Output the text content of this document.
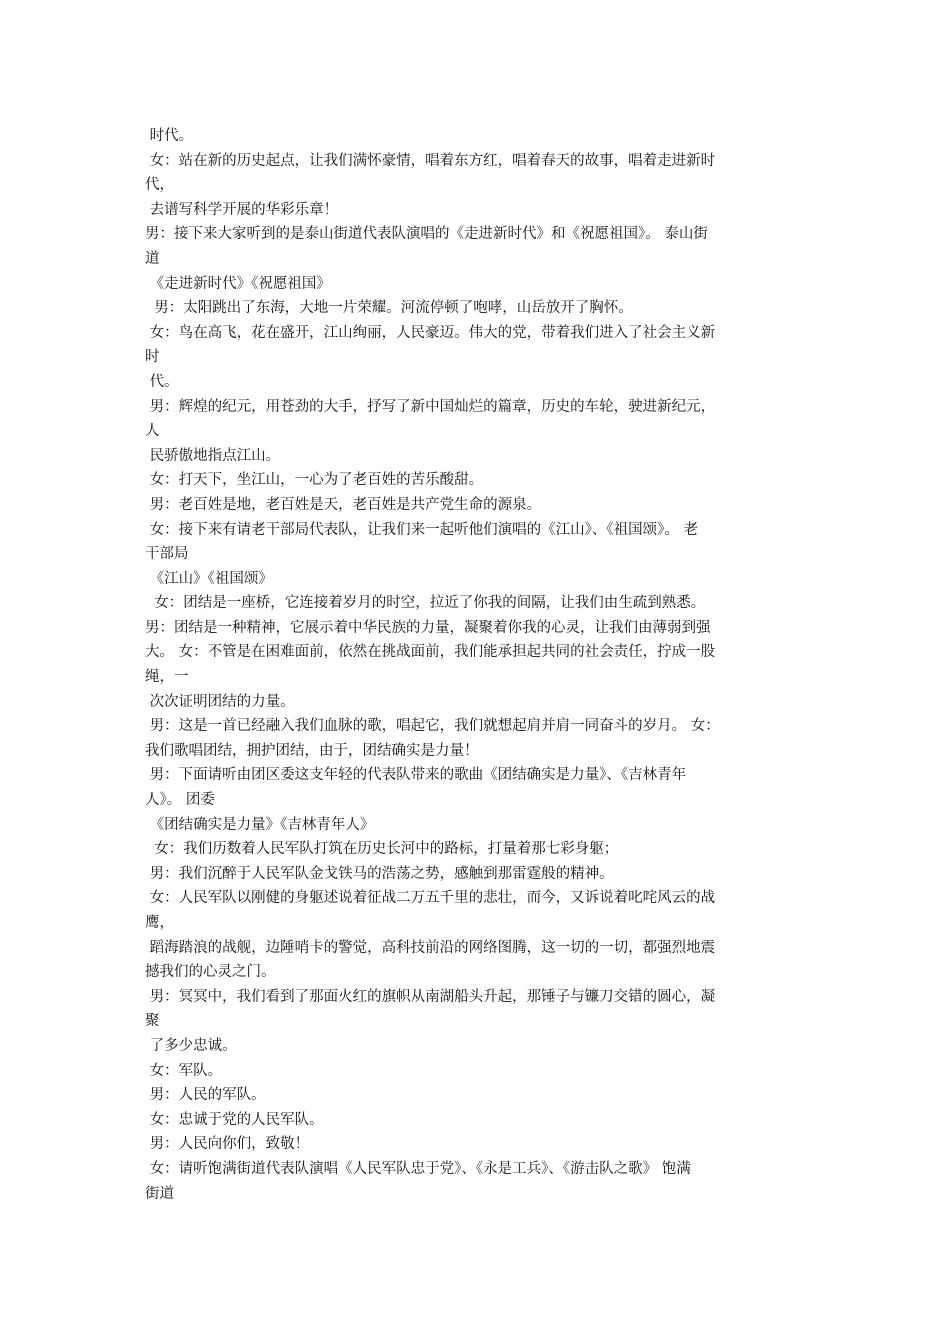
时代。
女：站在新的历史起点，让我们满怀豪情，唱着东方红，唱着春天的故事，唱着走进新时
代，
去谱写科学开展的华彩乐章！
男：接下来大家听到的是泰山街道代表队演唱的《走进新时代》和《祝愿祖国》。 泰山街
道
《走进新时代》《祝愿祖国》
男：太阳跳出了东海，大地一片荣耀。河流停顿了咆哮，山岳放开了胸怀。
女：鸟在高飞，花在盛开，江山绚丽，人民豪迈。伟大的党，带着我们进入了社会主义新
时
代。
男：辉煌的纪元，用苍劲的大手，抒写了新中国灿烂的篇章，历史的车轮，驶进新纪元，
人
民骄傲地指点江山。
女：打天下，坐江山，一心为了老百姓的苦乐酸甜。
男：老百姓是地，老百姓是天，老百姓是共产党生命的源泉。
女：接下来有请老干部局代表队，让我们来一起听他们演唱的《江山》、《祖国颂》。 老
干部局
《江山》《祖国颂》
女：团结是一座桥，它连接着岁月的时空，拉近了你我的间隔，让我们由生疏到熟悉。
男：团结是一种精神，它展示着中华民族的力量，凝聚着你我的心灵，让我们由薄弱到强
大。 女：不管是在困难面前，依然在挑战面前，我们能承担起共同的社会责任，拧成一股
绳，一
次次证明团结的力量。
男：这是一首已经融入我们血脉的歌，唱起它，我们就想起肩并肩一同奋斗的岁月。 女：
我们歌唱团结，拥护团结，由于，团结确实是力量！
男：下面请听由团区委这支年轻的代表队带来的歌曲《团结确实是力量》、《吉林青年
人》。 团委
《团结确实是力量》《吉林青年人》
女：我们历数着人民军队打筑在历史长河中的路标，打量着那七彩身躯；
男：我们沉醉于人民军队金戈铁马的浩荡之势，感触到那雷霆般的精神。
女：人民军队以刚健的身躯述说着征战二万五千里的悲壮，而今，又诉说着叱咤风云的战
鹰，
蹈海踏浪的战舰，边陲哨卡的警觉，高科技前沿的网络图腾，这一切的一切，都强烈地震
撼我们的心灵之门。
男：冥冥中，我们看到了那面火红的旗帜从南湖船头升起，那锤子与镰刀交错的圆心，凝
聚
了多少忠诚。
女：军队。
男：人民的军队。
女：忠诚于党的人民军队。
男：人民向你们，致敬！
女：请听饱满街道代表队演唱《人民军队忠于党》、《永是工兵》、《游击队之歌》 饱满
街道
